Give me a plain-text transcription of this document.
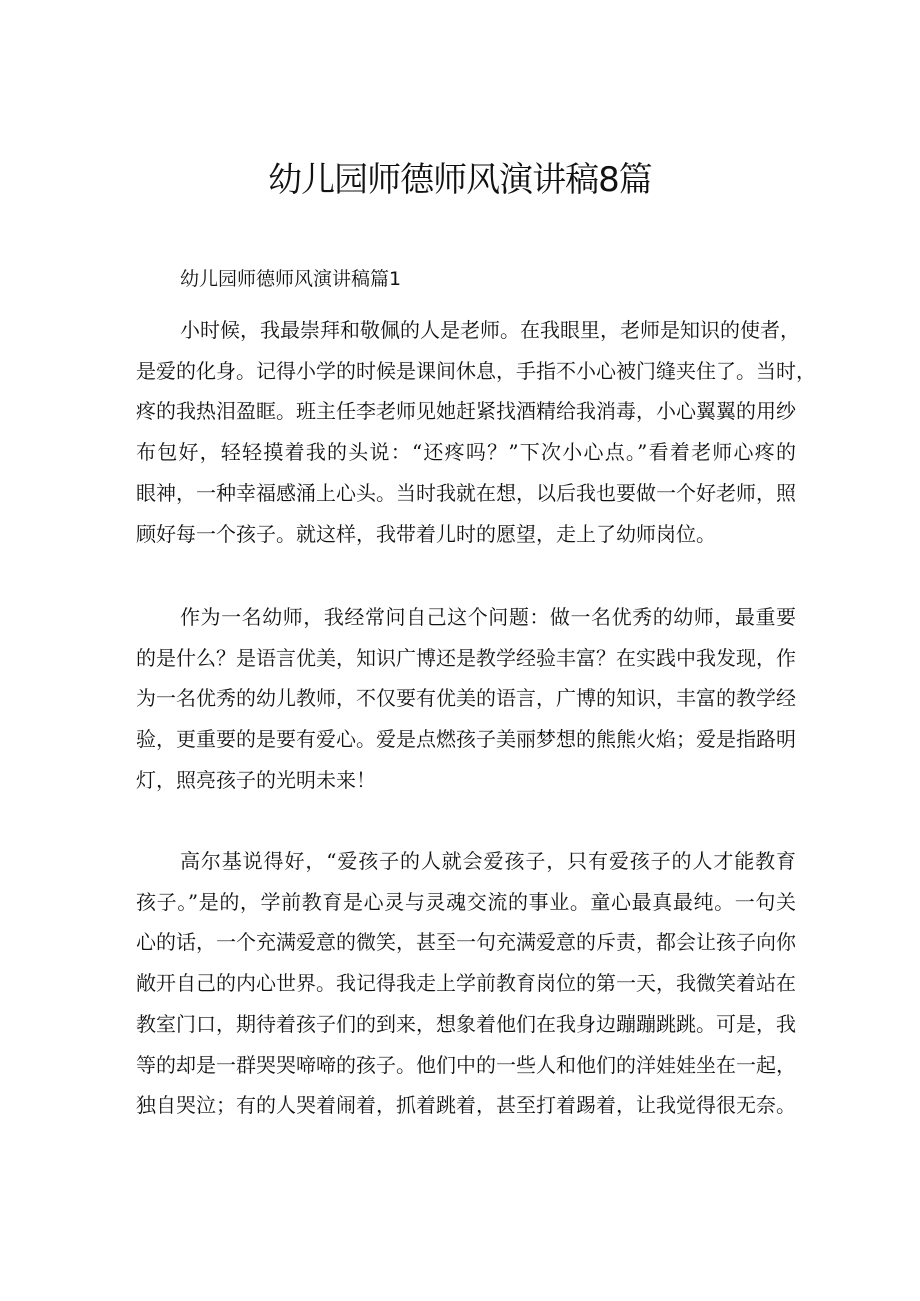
幼儿园师德师风演讲稿8篇
幼儿园师德师风演讲稿篇1

小时候，我最崇拜和敬佩的人是老师。在我眼里，老师是知识的使者，
是爱的化身。记得小学的时候是课间休息，手指不小心被门缝夹住了。当时，
疼的我热泪盈眶。班主任李老师见她赶紧找酒精给我消毒，小心翼翼的用纱
布包好，轻轻摸着我的头说：“还疼吗？”下次小心点。”看着老师心疼的
眼神，一种幸福感涌上心头。当时我就在想，以后我也要做一个好老师，照
顾好每一个孩子。就这样，我带着儿时的愿望，走上了幼师岗位。

作为一名幼师，我经常问自己这个问题：做一名优秀的幼师，最重要
的是什么？是语言优美，知识广博还是教学经验丰富？在实践中我发现，作
为一名优秀的幼儿教师，不仅要有优美的语言，广博的知识，丰富的教学经
验，更重要的是要有爱心。爱是点燃孩子美丽梦想的熊熊火焰；爱是指路明
灯，照亮孩子的光明未来！

高尔基说得好，“爱孩子的人就会爱孩子，只有爱孩子的人才能教育
孩子。”是的，学前教育是心灵与灵魂交流的事业。童心最真最纯。一句关
心的话，一个充满爱意的微笑，甚至一句充满爱意的斥责，都会让孩子向你
敞开自己的内心世界。我记得我走上学前教育岗位的第一天，我微笑着站在
教室门口，期待着孩子们的到来，想象着他们在我身边蹦蹦跳跳。可是，我
等的却是一群哭哭啼啼的孩子。他们中的一些人和他们的洋娃娃坐在一起，
独自哭泣；有的人哭着闹着，抓着跳着，甚至打着踢着，让我觉得很无奈。
